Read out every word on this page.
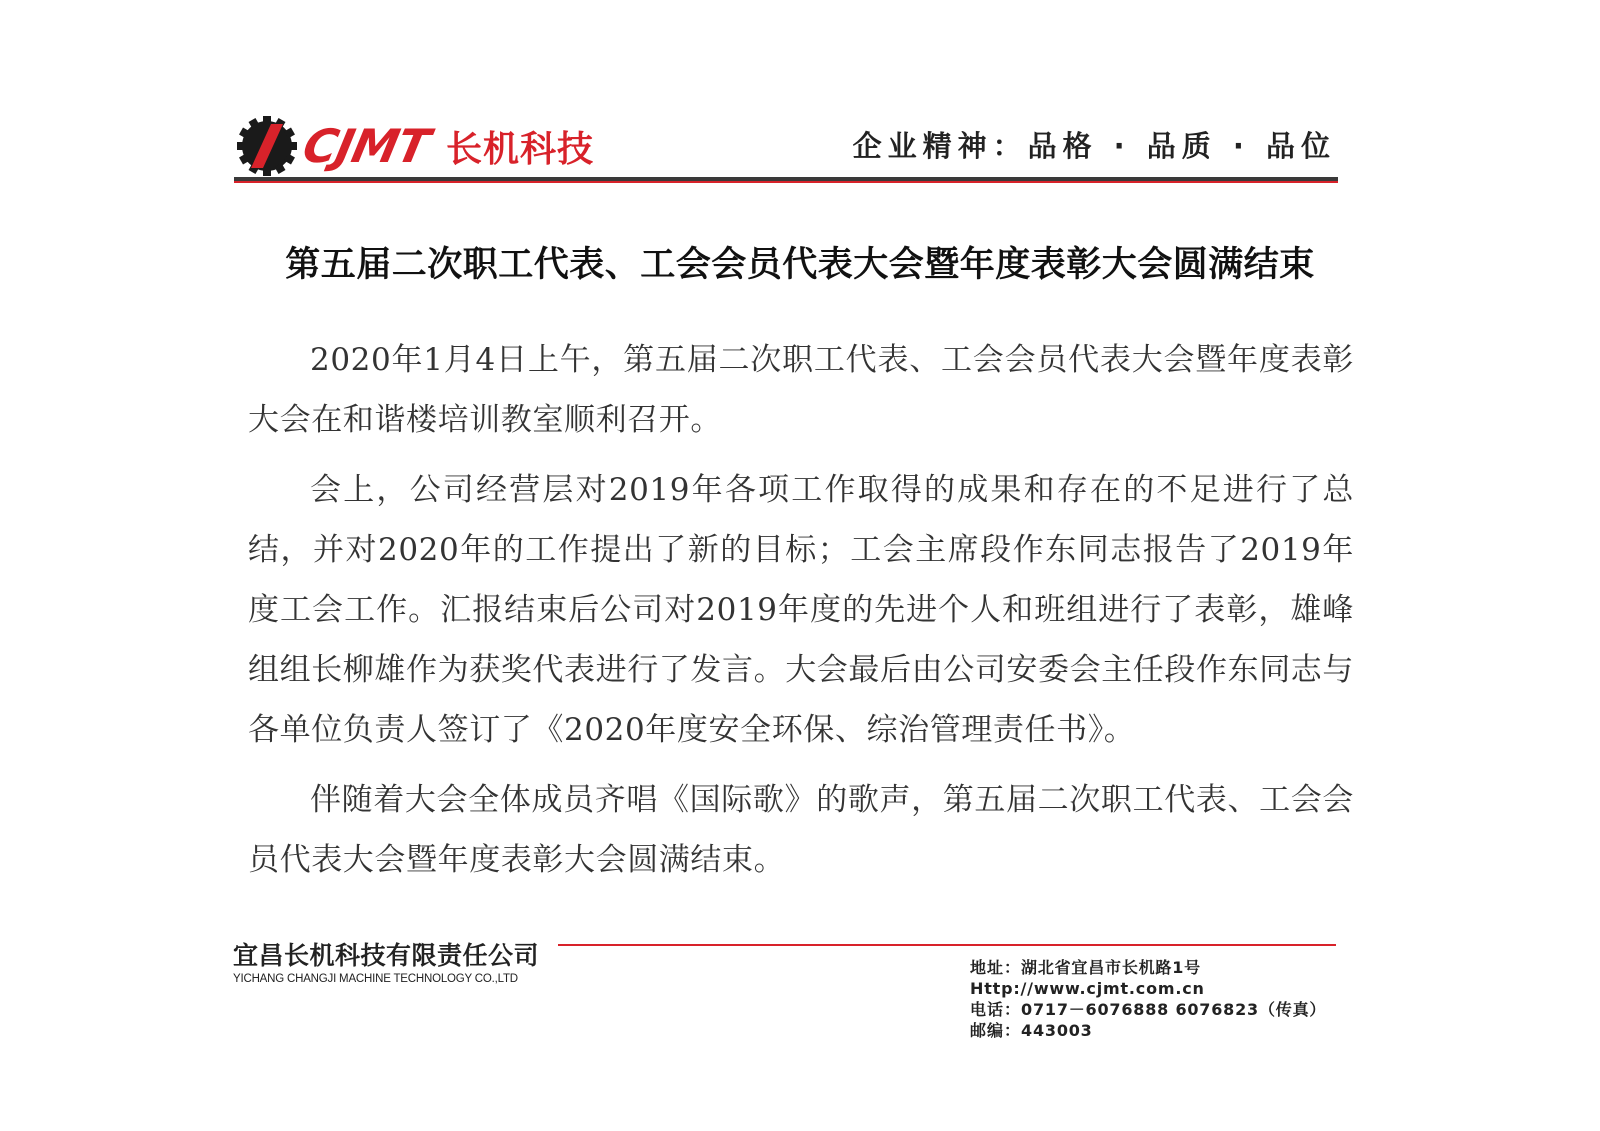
CJMT 长机科技	企业精神：品格 · 品质 · 品位
第五届二次职工代表、工会会员代表大会暨年度表彰大会圆满结束

2020年1月4日上午，第五届二次职工代表、工会会员代表大会暨年度表彰大会在和谐楼培训教室顺利召开。

会上，公司经营层对2019年各项工作取得的成果和存在的不足进行了总结，并对2020年的工作提出了新的目标；工会主席段作东同志报告了2019年度工会工作。汇报结束后公司对2019年度的先进个人和班组进行了表彰，雄峰组组长柳雄作为获奖代表进行了发言。大会最后由公司安委会主任段作东同志与各单位负责人签订了《2020年度安全环保、综治管理责任书》。

伴随着大会全体成员齐唱《国际歌》的歌声，第五届二次职工代表、工会会员代表大会暨年度表彰大会圆满结束。

宜昌长机科技有限责任公司
YICHANG CHANGJI MACHINE TECHNOLOGY CO.,LTD
地址： 湖北省宜昌市长机路1号
Http://www.cjmt.com.cn
电话： 0717－6076888 6076823（传真）
邮编： 443003
